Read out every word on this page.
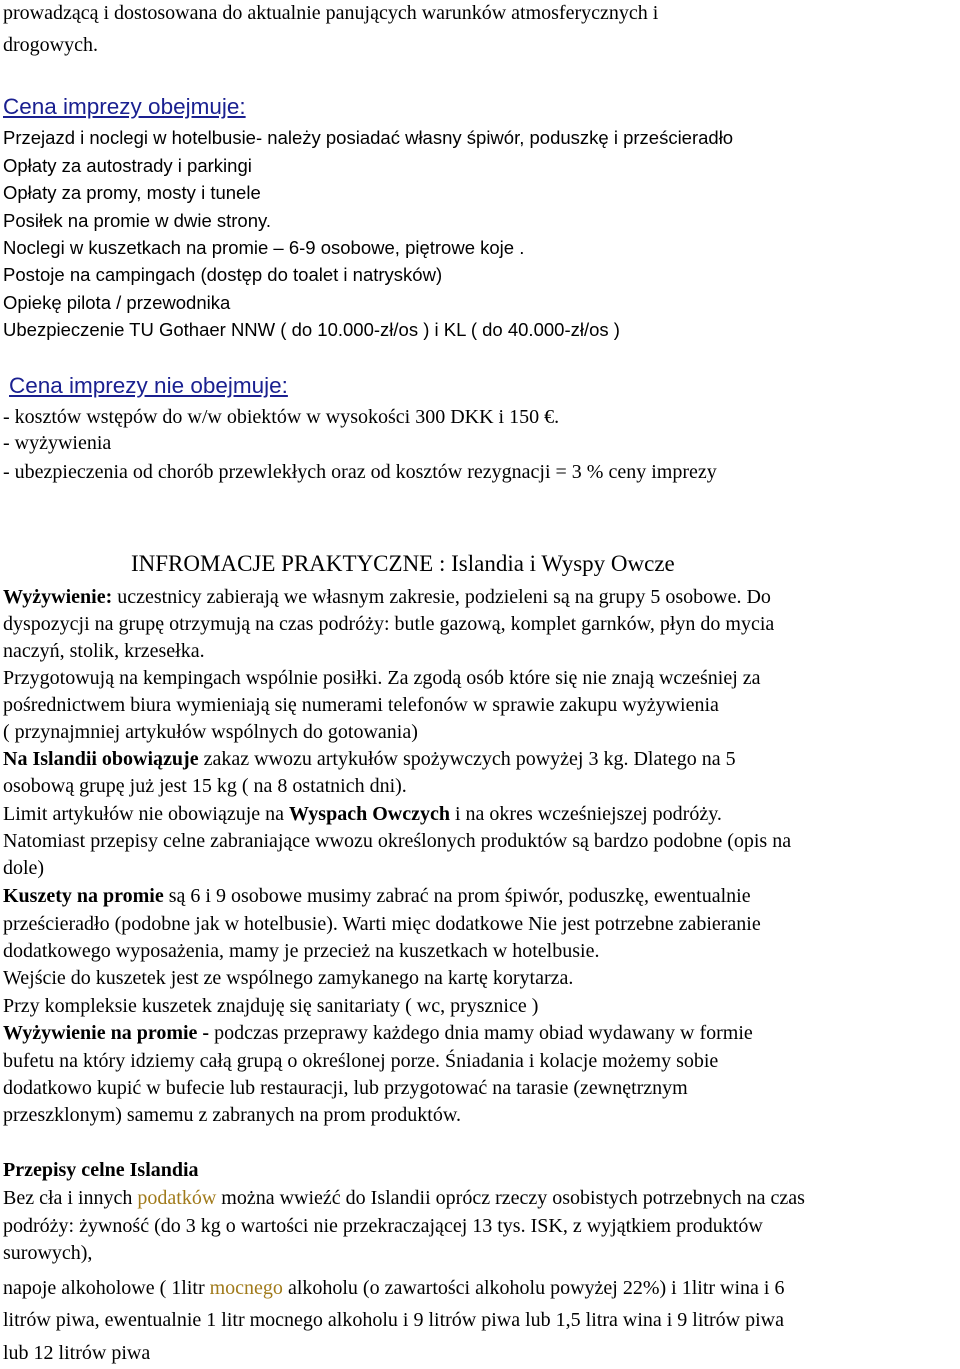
prowadzącą i dostosowana do aktualnie panujących warunków atmosferycznych i
drogowych.
Cena imprezy obejmuje:
Przejazd i noclegi w hotelbusie- należy posiadać własny śpiwór, poduszkę i prześcieradło
Opłaty za autostrady i parkingi
Opłaty za promy, mosty i tunele
Posiłek na promie w dwie strony.
Noclegi w kuszetkach na promie – 6-9 osobowe, piętrowe koje .
Postoje na campingach (dostęp do toalet i natrysków)
Opiekę pilota / przewodnika
Ubezpieczenie TU Gothaer NNW ( do 10.000-zł/os ) i KL ( do 40.000-zł/os )
Cena imprezy nie obejmuje:
- kosztów wstępów do w/w obiektów w wysokości 300 DKK i 150 €.
- wyżywienia
- ubezpieczenia od chorób przewlekłych oraz od kosztów rezygnacji = 3 % ceny imprezy
INFROMACJE PRAKTYCZNE : Islandia i Wyspy Owcze
Wyżywienie: uczestnicy zabierają we własnym zakresie, podzieleni są na grupy 5 osobowe. Do
dyspozycji na grupę otrzymują na czas podróży: butle gazową, komplet garnków, płyn do mycia
naczyń, stolik, krzesełka.
Przygotowują na kempingach wspólnie posiłki. Za zgodą osób które się nie znają wcześniej za
pośrednictwem biura wymieniają się numerami telefonów w sprawie zakupu wyżywienia
( przynajmniej artykułów wspólnych do gotowania)
Na Islandii obowiązuje zakaz wwozu artykułów spożywczych powyżej 3 kg. Dlatego na 5
osobową grupę już jest 15 kg ( na 8 ostatnich dni).
Limit artykułów nie obowiązuje na Wyspach Owczych i na okres wcześniejszej podróży.
Natomiast przepisy celne zabraniające wwozu określonych produktów są bardzo podobne (opis na
dole)
Kuszety na promie są 6 i 9 osobowe musimy zabrać na prom śpiwór, poduszkę, ewentualnie
prześcieradło (podobne jak w hotelbusie). Warti mięc dodatkowe Nie jest potrzebne zabieranie
dodatkowego wyposażenia, mamy je przecież na kuszetkach w hotelbusie.
Wejście do kuszetek jest ze wspólnego zamykanego na kartę korytarza.
Przy kompleksie kuszetek znajduję się sanitariaty ( wc, prysznice )
Wyżywienie na promie - podczas przeprawy każdego dnia mamy obiad wydawany w formie
bufetu na który idziemy całą grupą o określonej porze. Śniadania i kolacje możemy sobie
dodatkowo kupić w bufecie lub restauracji, lub przygotować na tarasie (zewnętrznym
przeszklonym) samemu z zabranych na prom produktów.
Przepisy celne Islandia
Bez cła i innych podatków można wwieźć do Islandii oprócz rzeczy osobistych potrzebnych na czas
podróży: żywność (do 3 kg o wartości nie przekraczającej 13 tys. ISK, z wyjątkiem produktów
surowych),
napoje alkoholowe ( 1litr mocnego alkoholu (o zawartości alkoholu powyżej 22%) i 1litr wina i 6
litrów piwa, ewentualnie 1 litr mocnego alkoholu i 9 litrów piwa lub 1,5 litra wina i 9 litrów piwa
lub 12 litrów piwa
